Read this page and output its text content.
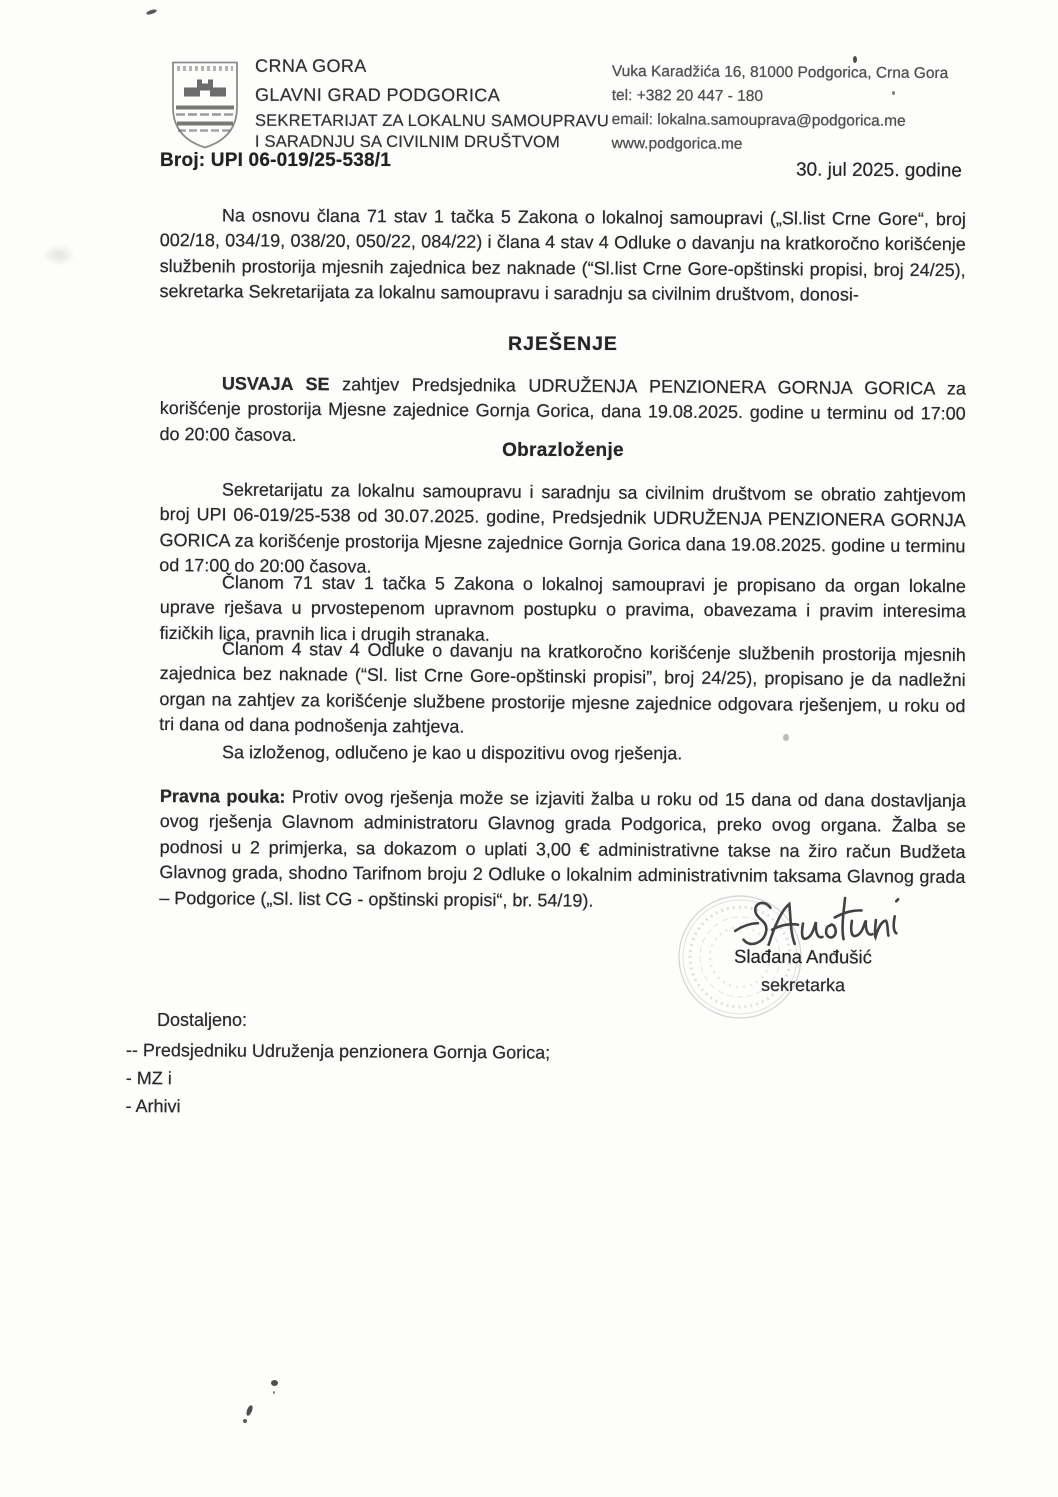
CRNA GORA
GLAVNI GRAD PODGORICA
SEKRETARIJAT ZA LOKALNU SAMOUPRAVU
I SARADNJU SA CIVILNIM DRUŠTVOM
Vuka Karadžića 16, 81000 Podgorica, Crna Gora
tel: +382 20 447 - 180
email: lokalna.samouprava@podgorica.me
www.podgorica.me
Broj: UPI 06-019/25-538/1	30. jul 2025. godine
Na osnovu člana 71 stav 1 tačka 5 Zakona o lokalnoj samoupravi („Sl.list Crne Gore“, broj 002/18, 034/19, 038/20, 050/22, 084/22) i člana 4 stav 4 Odluke o davanju na kratkoročno korišćenje službenih prostorija mjesnih zajednica bez naknade (“Sl.list Crne Gore-opštinski propisi, broj 24/25), sekretarka Sekretarijata za lokalnu samoupravu i saradnju sa civilnim društvom, donosi-
RJEŠENJE
USVAJA SE zahtjev Predsjednika UDRUŽENJA PENZIONERA GORNJA GORICA za korišćenje prostorija Mjesne zajednice Gornja Gorica, dana 19.08.2025. godine u terminu od 17:00 do 20:00 časova.
Obrazloženje
Sekretarijatu za lokalnu samoupravu i saradnju sa civilnim društvom se obratio zahtjevom broj UPI 06-019/25-538 od 30.07.2025. godine, Predsjednik UDRUŽENJA PENZIONERA GORNJA GORICA za korišćenje prostorija Mjesne zajednice Gornja Gorica dana 19.08.2025. godine u terminu od 17:00 do 20:00 časova.
Članom 71 stav 1 tačka 5 Zakona o lokalnoj samoupravi je propisano da organ lokalne uprave rješava u prvostepenom upravnom postupku o pravima, obavezama i pravim interesima fizičkih lica, pravnih lica i drugih stranaka.
Članom 4 stav 4 Odluke o davanju na kratkoročno korišćenje službenih prostorija mjesnih zajednica bez naknade (“Sl. list Crne Gore-opštinski propisi”, broj 24/25), propisano je da nadležni organ na zahtjev za korišćenje službene prostorije mjesne zajednice odgovara rješenjem, u roku od tri dana od dana podnošenja zahtjeva.
Sa izloženog, odlučeno je kao u dispozitivu ovog rješenja.
Pravna pouka: Protiv ovog rješenja može se izjaviti žalba u roku od 15 dana od dana dostavljanja ovog rješenja Glavnom administratoru Glavnog grada Podgorica, preko ovog organa. Žalba se podnosi u 2 primjerka, sa dokazom o uplati 3,00 € administrativne takse na žiro račun Budžeta Glavnog grada, shodno Tarifnom broju 2 Odluke o lokalnim administrativnim taksama Glavnog grada – Podgorice („Sl. list CG - opštinski propisi“, br. 54/19).
Slađana Anđušić
sekretarka
Dostaljeno:
-- Predsjedniku Udruženja penzionera Gornja Gorica;
- MZ i
- Arhivi
